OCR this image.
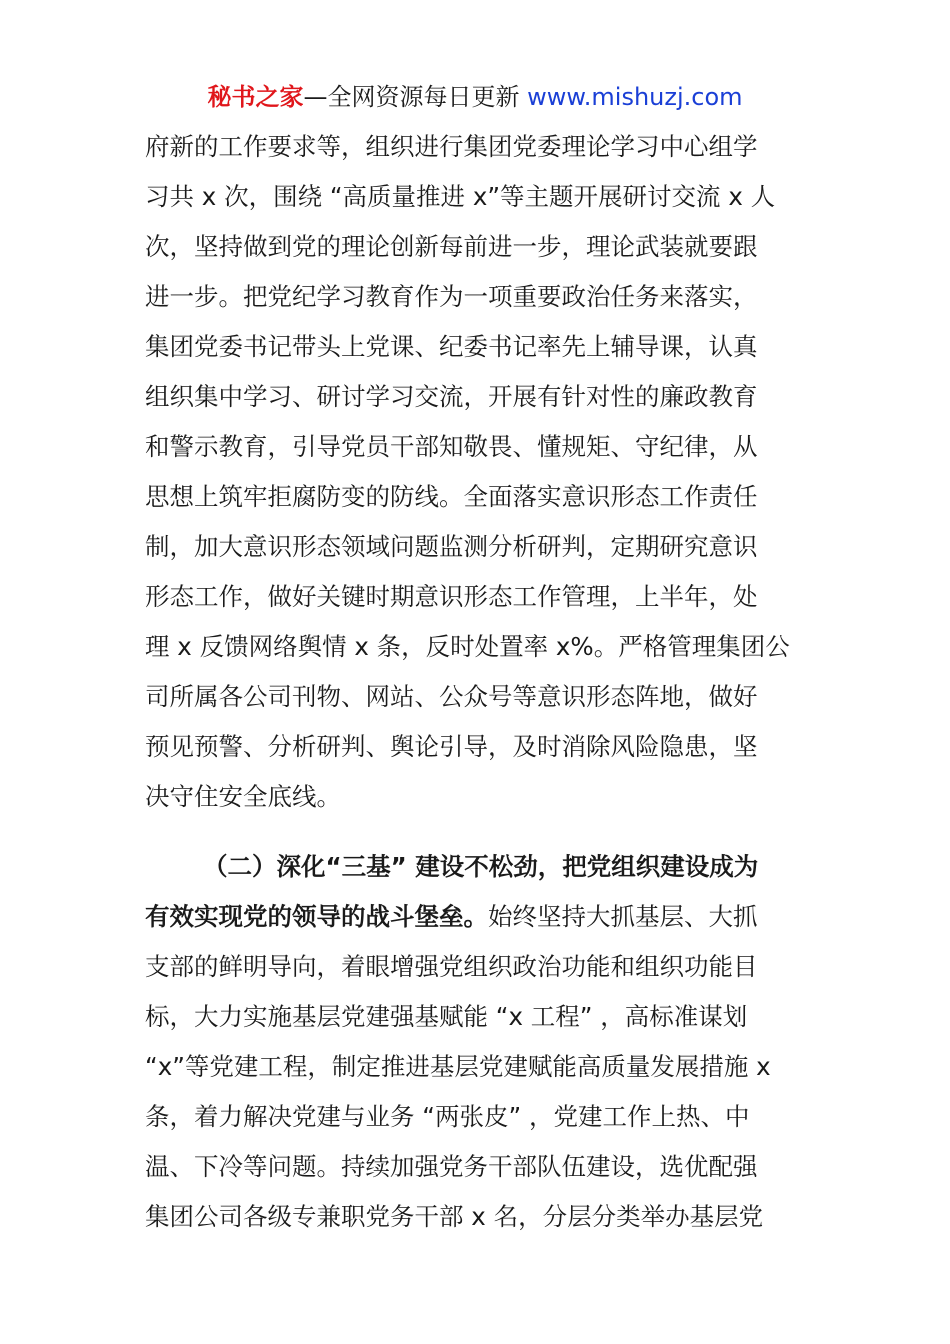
秘书之家—全网资源每日更新 www.mishuzj.com
府新的工作要求等，组织进行集团党委理论学习中心组学
习共 x 次，围绕 “高质量推进 x”等主题开展研讨交流 x 人
次，坚持做到党的理论创新每前进一步，理论武装就要跟
进一步。把党纪学习教育作为一项重要政治任务来落实，
集团党委书记带头上党课、纪委书记率先上辅导课，认真
组织集中学习、研讨学习交流，开展有针对性的廉政教育
和警示教育，引导党员干部知敬畏、懂规矩、守纪律，从
思想上筑牢拒腐防变的防线。全面落实意识形态工作责任
制，加大意识形态领域问题监测分析研判，定期研究意识
形态工作，做好关键时期意识形态工作管理，上半年，处
理 x 反馈网络舆情 x 条，反时处置率 x%。严格管理集团公
司所属各公司刊物、网站、公众号等意识形态阵地，做好
预见预警、分析研判、舆论引导，及时消除风险隐患，坚
决守住安全底线。
（二）深化“三基” 建设不松劲，把党组织建设成为
有效实现党的领导的战斗堡垒。始终坚持大抓基层、大抓
支部的鲜明导向，着眼增强党组织政治功能和组织功能目
标，大力实施基层党建强基赋能 “x 工程” ，高标准谋划
“x”等党建工程，制定推进基层党建赋能高质量发展措施 x
条，着力解决党建与业务 “两张皮” ，党建工作上热、中
温、下冷等问题。持续加强党务干部队伍建设，选优配强
集团公司各级专兼职党务干部 x 名，分层分类举办基层党
